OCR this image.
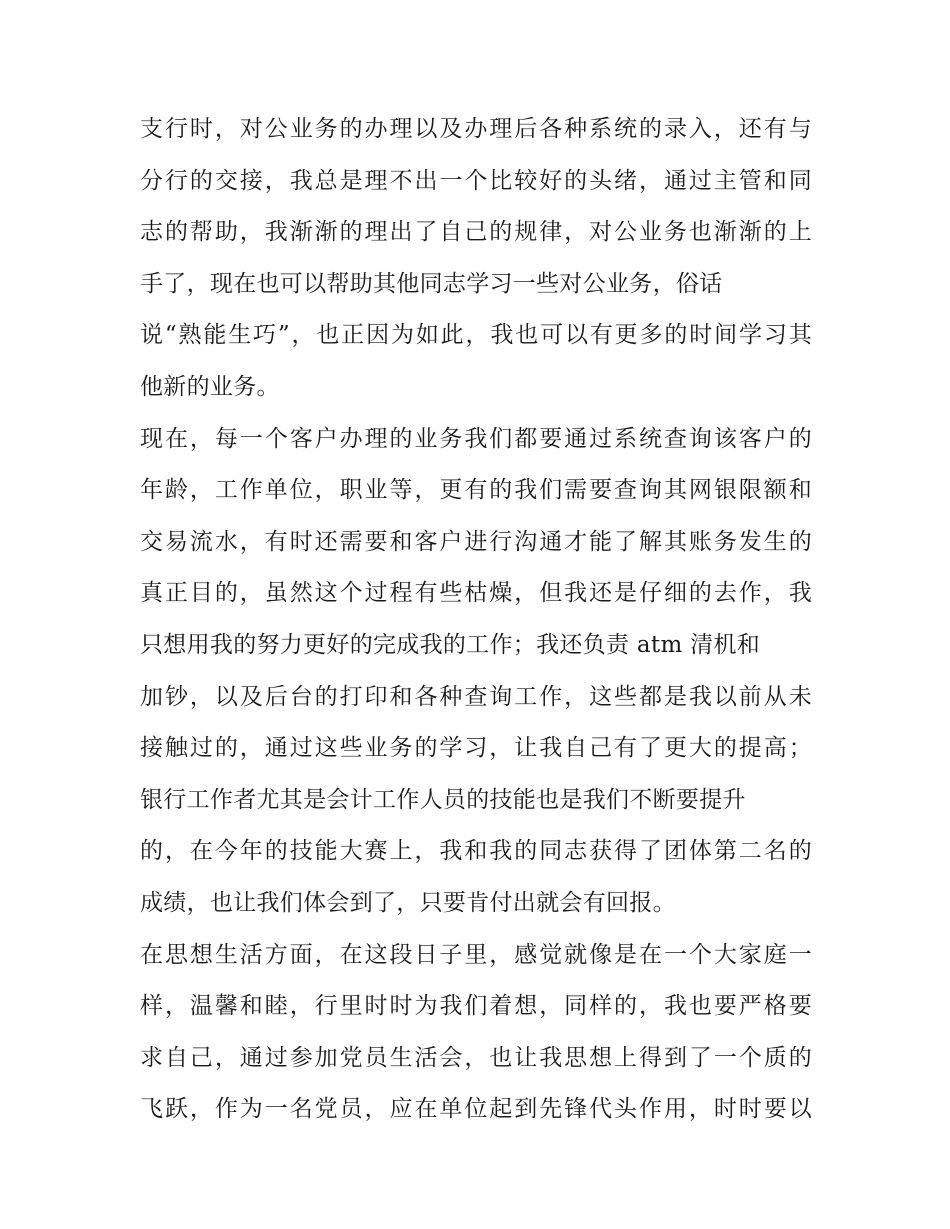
支行时，对公业务的办理以及办理后各种系统的录入，还有与
分行的交接，我总是理不出一个比较好的头绪，通过主管和同
志的帮助，我渐渐的理出了自己的规律，对公业务也渐渐的上
手了，现在也可以帮助其他同志学习一些对公业务，俗话
说“熟能生巧”，也正因为如此，我也可以有更多的时间学习其
他新的业务。
现在，每一个客户办理的业务我们都要通过系统查询该客户的
年龄，工作单位，职业等，更有的我们需要查询其网银限额和
交易流水，有时还需要和客户进行沟通才能了解其账务发生的
真正目的，虽然这个过程有些枯燥，但我还是仔细的去作，我
只想用我的努力更好的完成我的工作；我还负责 atm 清机和
加钞，以及后台的打印和各种查询工作，这些都是我以前从未
接触过的，通过这些业务的学习，让我自己有了更大的提高；
银行工作者尤其是会计工作人员的技能也是我们不断要提升
的，在今年的技能大赛上，我和我的同志获得了团体第二名的
成绩，也让我们体会到了，只要肯付出就会有回报。
在思想生活方面，在这段日子里，感觉就像是在一个大家庭一
样，温馨和睦，行里时时为我们着想，同样的，我也要严格要
求自己，通过参加党员生活会，也让我思想上得到了一个质的
飞跃，作为一名党员，应在单位起到先锋代头作用，时时要以
